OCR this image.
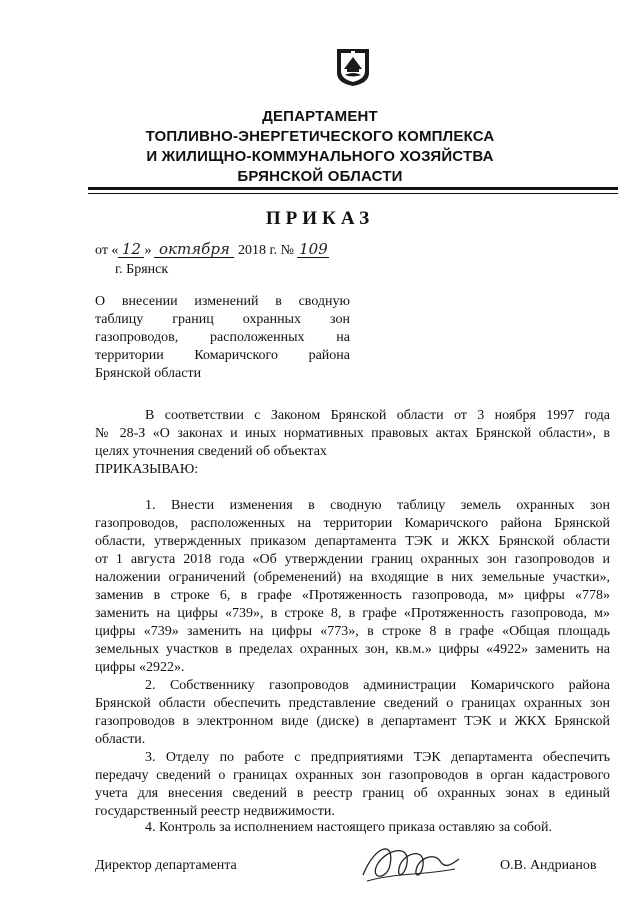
ДЕПАРТАМЕНТ
ТОПЛИВНО-ЭНЕРГЕТИЧЕСКОГО КОМПЛЕКСА
И ЖИЛИЩНО-КОММУНАЛЬНОГО ХОЗЯЙСТВА
БРЯНСКОЙ ОБЛАСТИ
ПРИКАЗ
от « 12 » октября 2018 г. № 109
г. Брянск
О внесении изменений в сводную
таблицу границ охранных зон
газопроводов, расположенных на
территории Комаричского района
Брянской области
В соответствии с Законом Брянской области от 3 ноября 1997 года
№ 28-З «О законах и иных нормативных правовых актах Брянской области», в
целях уточнения сведений об объектах
ПРИКАЗЫВАЮ:
1. Внести изменения в сводную таблицу земель охранных зон
газопроводов, расположенных на территории Комаричского района Брянской
области, утвержденных приказом департамента ТЭК и ЖКХ Брянской области
от 1 августа 2018 года «Об утверждении границ охранных зон газопроводов и
наложении ограничений (обременений) на входящие в них земельные участки»,
заменив в строке 6, в графе «Протяженность газопровода, м» цифры «778»
заменить на цифры «739», в строке 8, в графе «Протяженность газопровода, м»
цифры «739» заменить на цифры «773», в строке 8 в графе «Общая площадь
земельных участков в пределах охранных зон, кв.м.» цифры «4922» заменить на
цифры «2922».
2. Собственнику газопроводов администрации Комаричского района
Брянской области обеспечить представление сведений о границах охранных зон
газопроводов в электронном виде (диске) в департамент ТЭК и ЖКХ Брянской
области.
3. Отделу по работе с предприятиями ТЭК департамента обеспечить
передачу сведений о границах охранных зон газопроводов в орган кадастрового
учета для внесения сведений в реестр границ об охранных зонах в единый
государственный реестр недвижимости.
4. Контроль за исполнением настоящего приказа оставляю за собой.
Директор департамента	О.В. Андрианов
